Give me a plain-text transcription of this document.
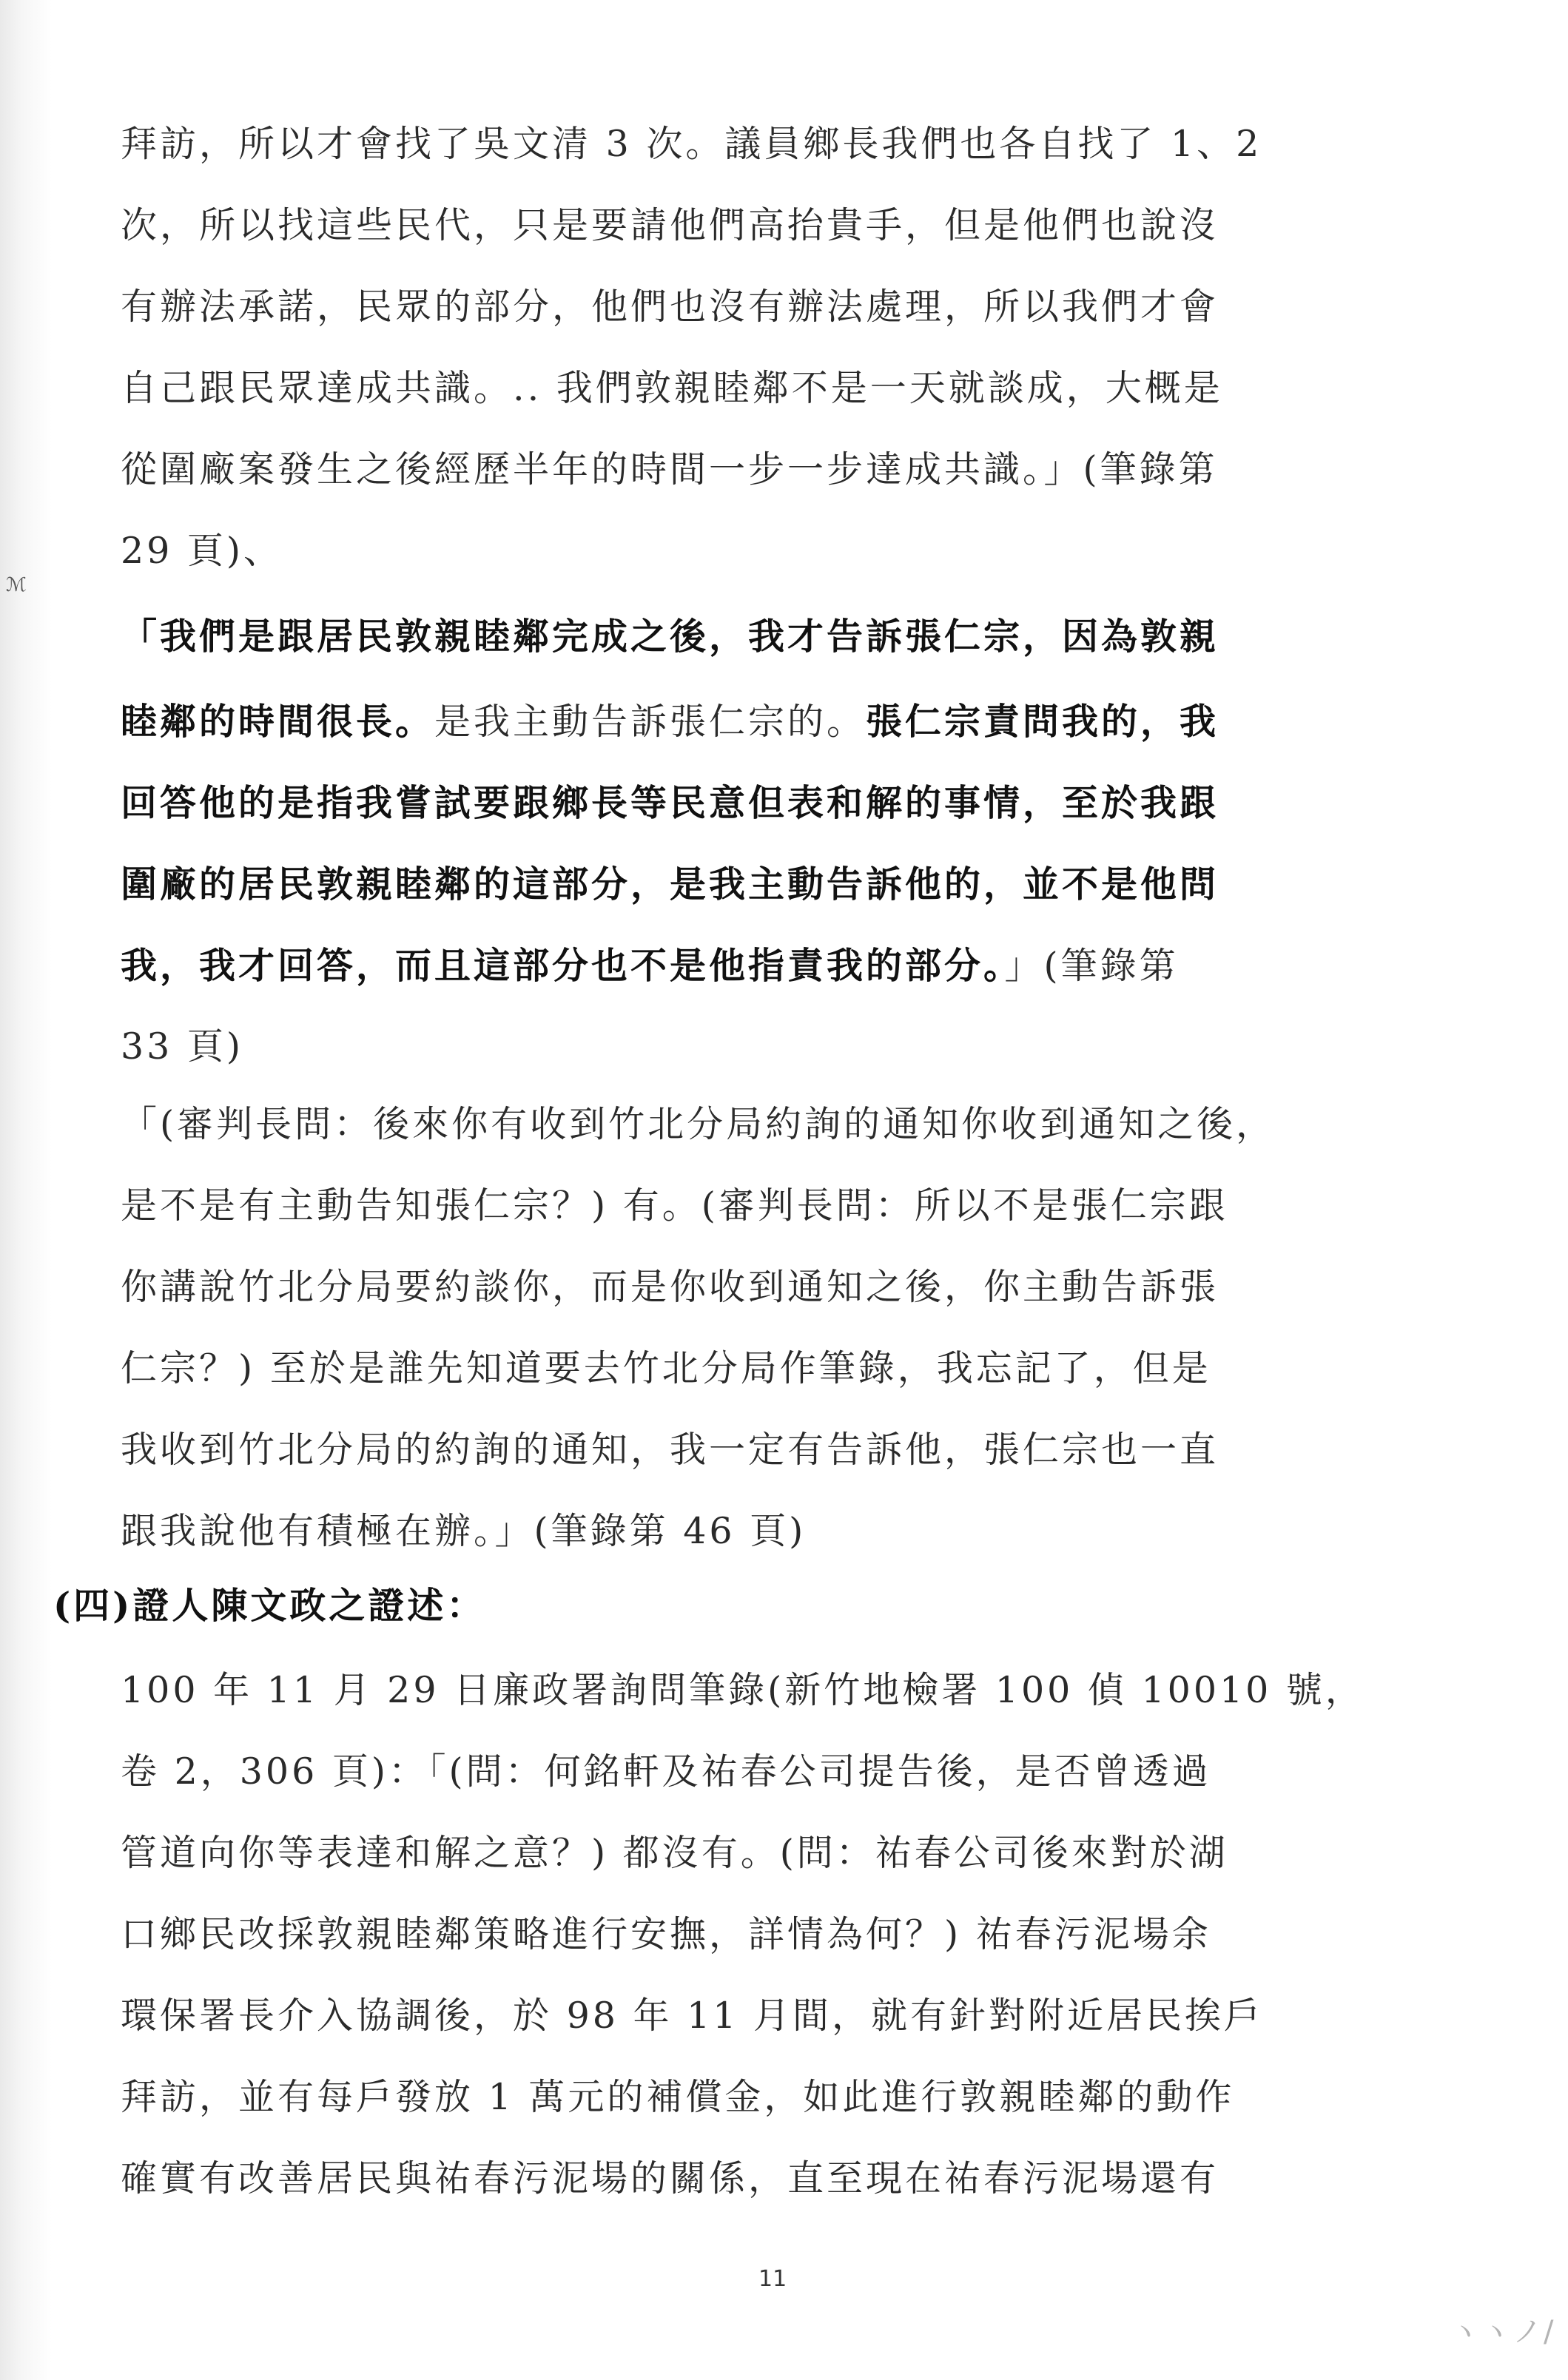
拜訪，所以才會找了吳文清 3 次。議員鄉長我們也各自找了 1、2
次，所以找這些民代，只是要請他們高抬貴手，但是他們也說沒
有辦法承諾，民眾的部分，他們也沒有辦法處理，所以我們才會
自己跟民眾達成共識。.. 我們敦親睦鄰不是一天就談成，大概是
從圍廠案發生之後經歷半年的時間一步一步達成共識。」(筆錄第
29 頁)、
ℳ
「我們是跟居民敦親睦鄰完成之後，我才告訴張仁宗，因為敦親
睦鄰的時間很長。是我主動告訴張仁宗的。張仁宗責問我的，我
回答他的是指我嘗試要跟鄉長等民意但表和解的事情，至於我跟
圍廠的居民敦親睦鄰的這部分，是我主動告訴他的，並不是他問
我，我才回答，而且這部分也不是他指責我的部分。」(筆錄第
33 頁)
「(審判長問：後來你有收到竹北分局約詢的通知你收到通知之後，
是不是有主動告知張仁宗？) 有。(審判長問：所以不是張仁宗跟
你講說竹北分局要約談你，而是你收到通知之後，你主動告訴張
仁宗？) 至於是誰先知道要去竹北分局作筆錄，我忘記了，但是
我收到竹北分局的約詢的通知，我一定有告訴他，張仁宗也一直
跟我說他有積極在辦。」(筆錄第 46 頁)
(四)證人陳文政之證述：
100 年 11 月 29 日廉政署詢問筆錄(新竹地檢署 100 偵 10010 號，
卷 2，306 頁)：「(問：何銘軒及祐春公司提告後，是否曾透過
管道向你等表達和解之意？) 都沒有。(問：祐春公司後來對於湖
口鄉民改採敦親睦鄰策略進行安撫，詳情為何？) 祐春污泥場余
環保署長介入協調後，於 98 年 11 月間，就有針對附近居民挨戶
拜訪，並有每戶發放 1 萬元的補償金，如此進行敦親睦鄰的動作
確實有改善居民與祐春污泥場的關係，直至現在祐春污泥場還有
11
ヽヽノ/
